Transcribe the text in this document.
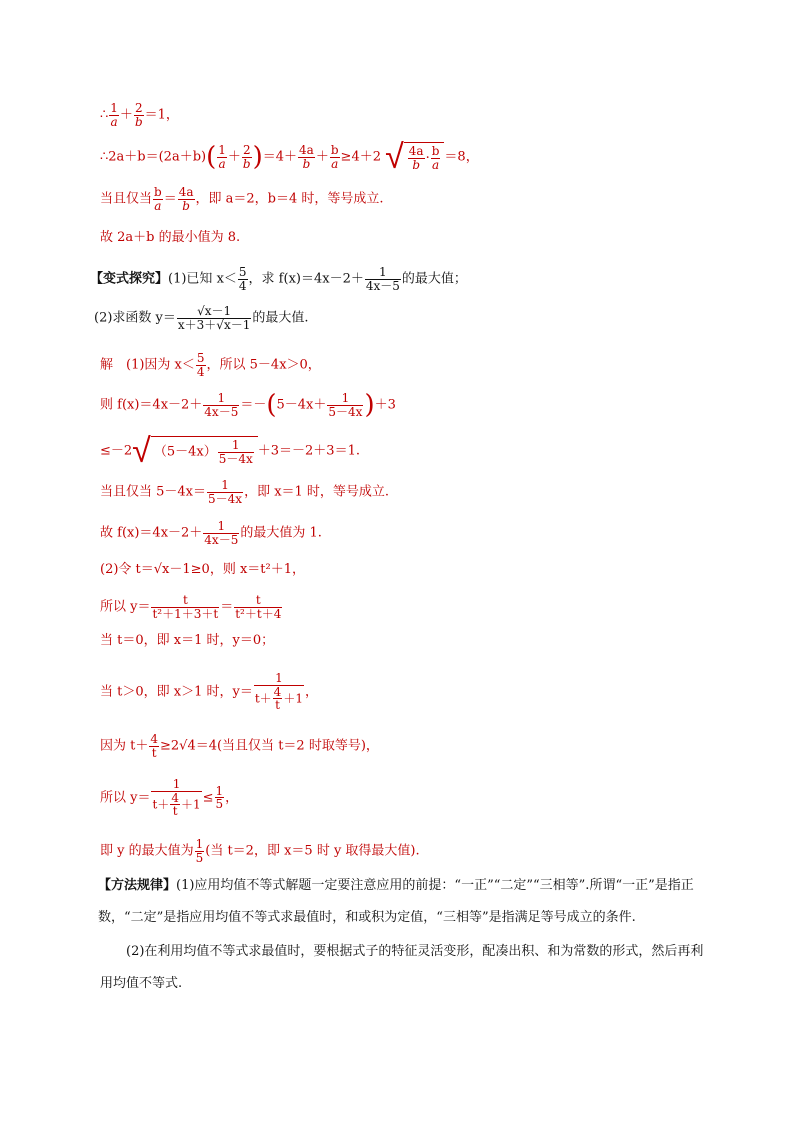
∴ $\frac{1}{a} + \frac{2}{b} =1$，
∴2a＋b＝(2a＋b)( $\frac{1}{a} + \frac{2}{b} )=4+ \frac{4a}{b} + \frac{b}{a} \ge 4+2$ √ $\frac{4a}{b} \cdot \frac{b}{a} =8$，
当且仅当 $\frac{b}{a} = \frac{4a}{b}$ ，即 a＝2，b＝4 时，等号成立.
故 2a＋b 的最小值为 8.
【变式探究】(1)已知 $x< \frac{5}{4}$ ，求 $f(x)=4x-2+ \frac{1}{4x-5}$ 的最大值；
(2)求函数 $y= \frac{√x-1}{x+3+√x-1}$ 的最大值.
解　(1)因为 $x< \frac{5}{4}$ ，所以 5－4x＞0，
则 $f(x)=4x-2+ \frac{1}{4x-5} =-(5-4x+ \frac{1}{5-4x} )+3$
≤－2√ $(5-4x) \frac{1}{5-4x} +3=-2+3=1$.
当且仅当 $5-4x= \frac{1}{5-4x}$ ，即 x＝1 时，等号成立.
故 $f(x)=4x-2+ \frac{1}{4x-5}$ 的最大值为 1.
(2)令 t＝√x－1≥0，则 x＝t²＋1，
所以 $y= \frac{t}{\text{t²＋1＋3＋t}} = \frac{t}{\text{t²＋t＋4}}$
当 t＝0，即 x＝1 时，y＝0；
当 t＞0，即 x＞1 时，$y= \frac{1}{t+ \frac{4}{t} +1}$ ，
因为 $t+ \frac{4}{t} \ge 2√4=4$(当且仅当 t＝2 时取等号)，
所以 $y= \frac{1}{t+ \frac{4}{t} +1} \le \frac{1}{5}$ ，
即 y 的最大值为 $\frac{1}{5}$ (当 t＝2，即 x＝5 时 y 取得最大值).
【方法规律】(1)应用均值不等式解题一定要注意应用的前提：“一正”“二定”“三相等”.所谓“一正”是指正数，“二定”是指应用均值不等式求最值时，和或积为定值，“三相等”是指满足等号成立的条件.
(2)在利用均值不等式求最值时，要根据式子的特征灵活变形，配凑出积、和为常数的形式，然后再利用均值不等式.
